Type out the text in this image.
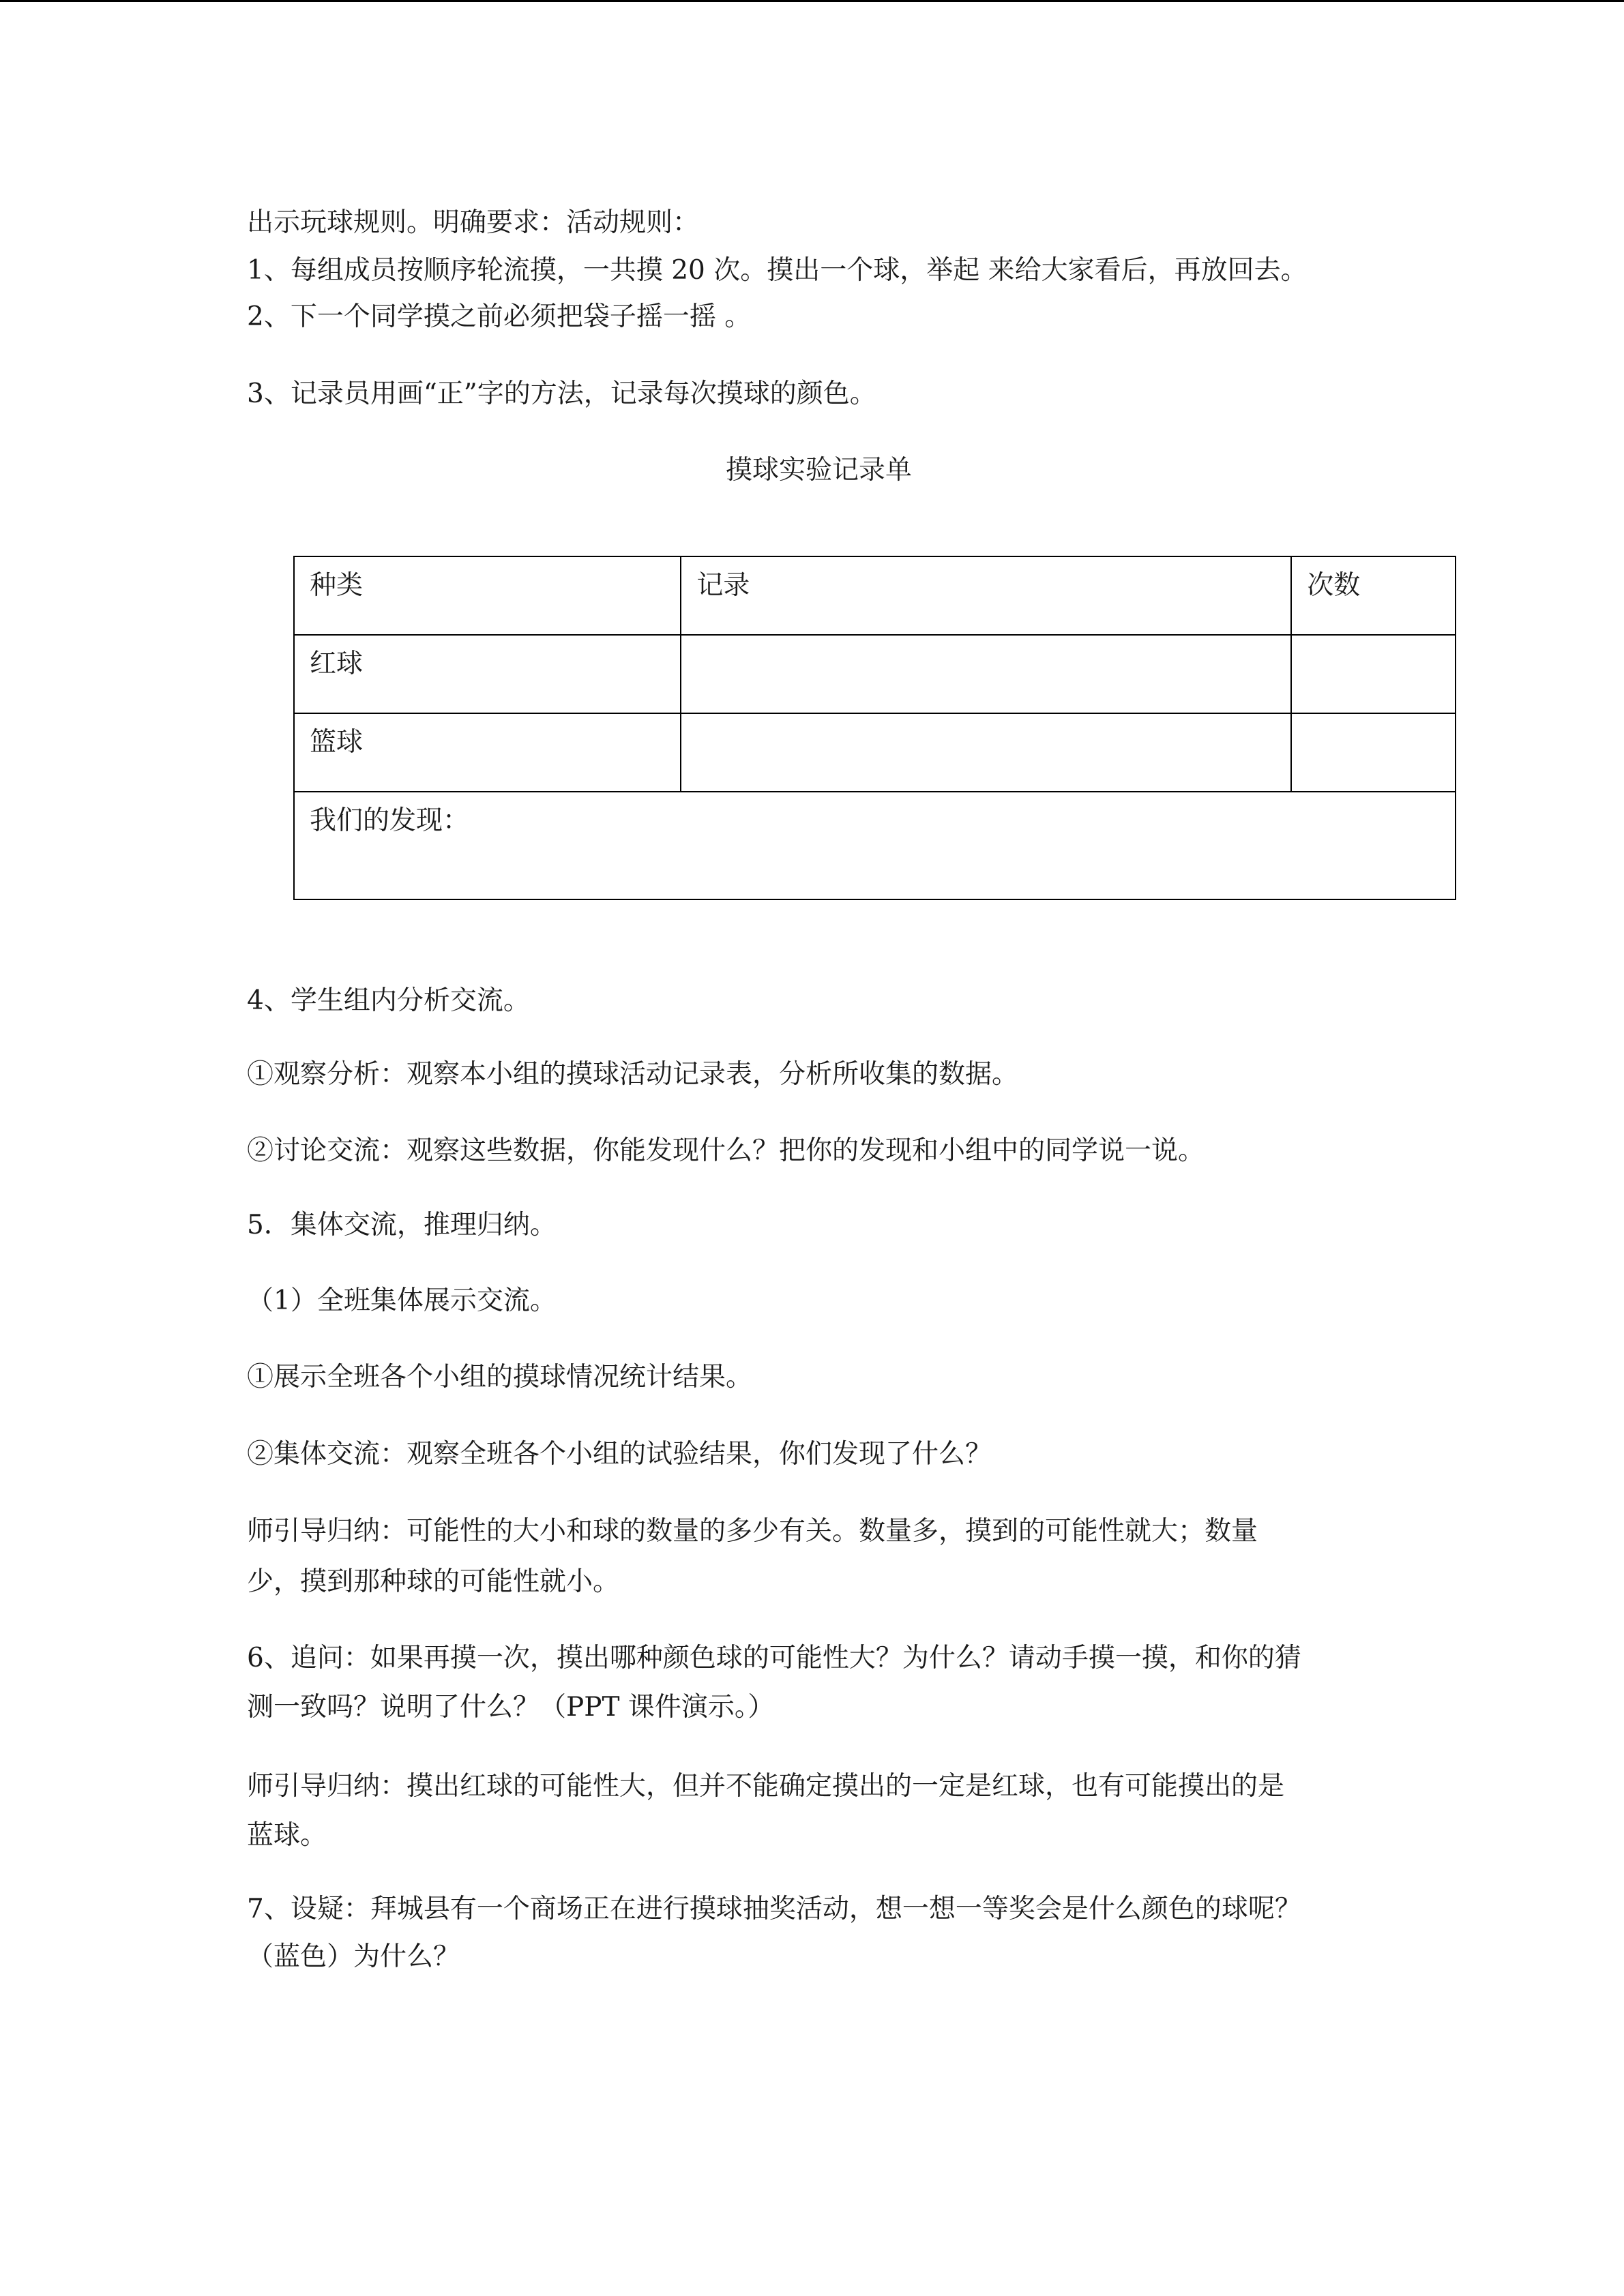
出示玩球规则。明确要求：活动规则：

1、每组成员按顺序轮流摸，一共摸 20 次。摸出一个球，举起 来给大家看后，再放回去。

2、下一个同学摸之前必须把袋子摇一摇 。

3、记录员用画“正”字的方法，记录每次摸球的颜色。

摸球实验记录单
种类	记录	次数
红球		
篮球		
我们的发现：		

4、学生组内分析交流。

①观察分析：观察本小组的摸球活动记录表，分析所收集的数据。

②讨论交流：观察这些数据，你能发现什么？把你的发现和小组中的同学说一说。

5．集体交流，推理归纳。

（1）全班集体展示交流。

①展示全班各个小组的摸球情况统计结果。

②集体交流：观察全班各个小组的试验结果，你们发现了什么？

师引导归纳：可能性的大小和球的数量的多少有关。数量多，摸到的可能性就大；数量

少，摸到那种球的可能性就小。

6、追问：如果再摸一次，摸出哪种颜色球的可能性大？为什么？请动手摸一摸，和你的猜

测一致吗？说明了什么？（PPT 课件演示。）

师引导归纳：摸出红球的可能性大，但并不能确定摸出的一定是红球，也有可能摸出的是

蓝球。

7、设疑：拜城县有一个商场正在进行摸球抽奖活动，想一想一等奖会是什么颜色的球呢？

（蓝色）为什么？
